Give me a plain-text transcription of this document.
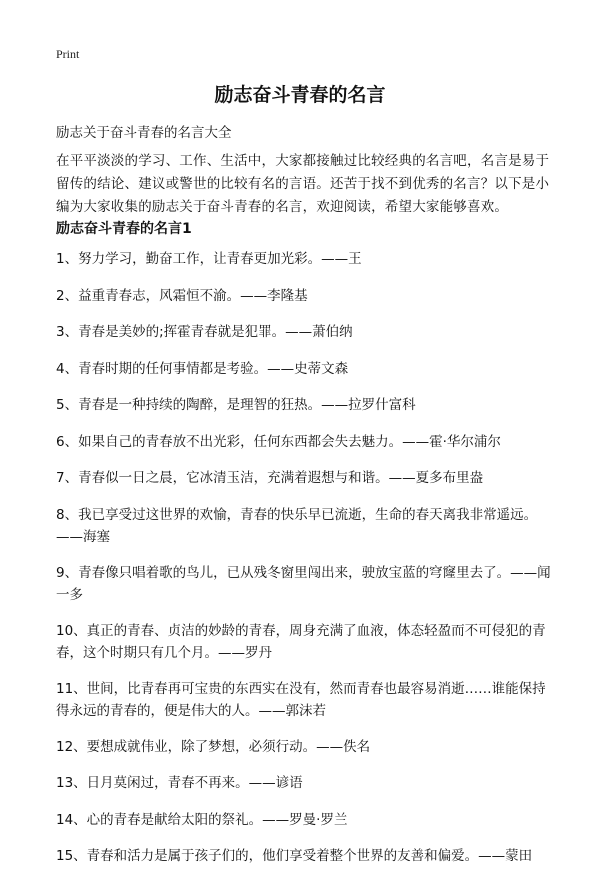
Print
励志奋斗青春的名言

励志关于奋斗青春的名言大全

在平平淡淡的学习、工作、生活中，大家都接触过比较经典的名言吧，名言是易于留传的结论、建议或警世的比较有名的言语。还苦于找不到优秀的名言？以下是小编为大家收集的励志关于奋斗青春的名言，欢迎阅读，希望大家能够喜欢。

励志奋斗青春的名言1
1、努力学习，勤奋工作，让青春更加光彩。——王
2、益重青春志，风霜恒不渝。——李隆基
3、青春是美妙的;挥霍青春就是犯罪。——萧伯纳
4、青春时期的任何事情都是考验。——史蒂文森
5、青春是一种持续的陶醉，是理智的狂热。——拉罗什富科
6、如果自己的青春放不出光彩，任何东西都会失去魅力。——霍·华尔浦尔
7、青春似一日之晨，它冰清玉洁，充满着遐想与和谐。——夏多布里盎
8、我已享受过这世界的欢愉，青春的快乐早已流逝，生命的春天离我非常遥远。——海塞
9、青春像只唱着歌的鸟儿，已从残冬窗里闯出来，驶放宝蓝的穹窿里去了。——闻一多
10、真正的青春、贞洁的妙龄的青春，周身充满了血液，体态轻盈而不可侵犯的青春，这个时期只有几个月。——罗丹
11、世间，比青春再可宝贵的东西实在没有，然而青春也最容易消逝……谁能保持得永远的青春的，便是伟大的人。——郭沫若
12、要想成就伟业，除了梦想，必须行动。——佚名
13、日月莫闲过，青春不再来。——谚语
14、心的青春是献给太阳的祭礼。——罗曼·罗兰
15、青春和活力是属于孩子们的，他们享受着整个世界的友善和偏爱。——蒙田
